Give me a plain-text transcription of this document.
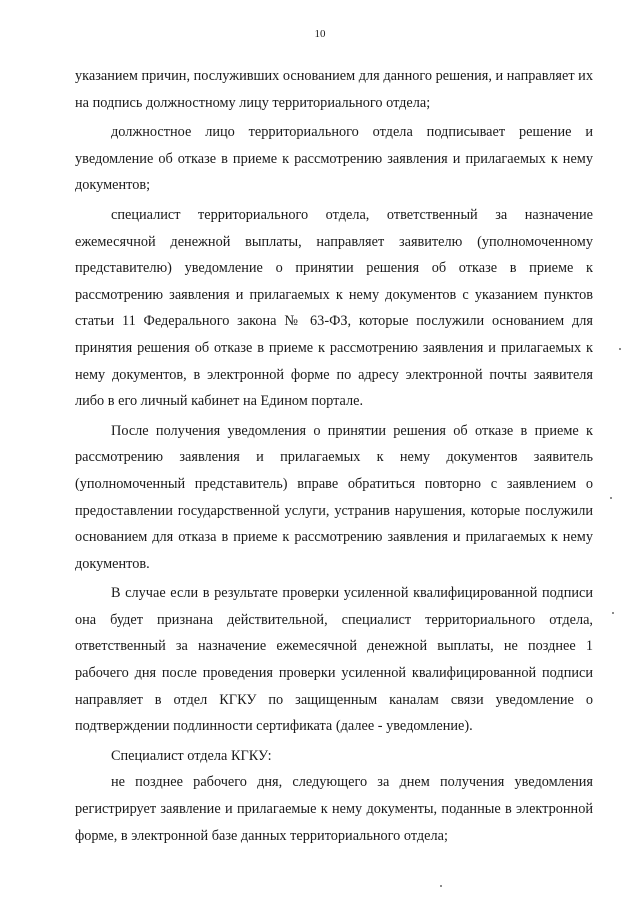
10

указанием причин, послуживших основанием для данного решения, и направляет их на подпись должностному лицу территориального отдела;

должностное лицо территориального отдела подписывает решение и уведомление об отказе в приеме к рассмотрению заявления и прилагаемых к нему документов;

специалист территориального отдела, ответственный за назначение ежемесячной денежной выплаты, направляет заявителю (уполномоченному представителю) уведомление о принятии решения об отказе в приеме к рассмотрению заявления и прилагаемых к нему документов с указанием пунктов статьи 11 Федерального закона № 63-ФЗ, которые послужили основанием для принятия решения об отказе в приеме к рассмотрению заявления и прилагаемых к нему документов, в электронной форме по адресу электронной почты заявителя либо в его личный кабинет на Едином портале.

После получения уведомления о принятии решения об отказе в приеме к рассмотрению заявления и прилагаемых к нему документов заявитель (уполномоченный представитель) вправе обратиться повторно с заявлением о предоставлении государственной услуги, устранив нарушения, которые послужили основанием для отказа в приеме к рассмотрению заявления и прилагаемых к нему документов.

В случае если в результате проверки усиленной квалифицированной подписи она будет признана действительной, специалист территориального отдела, ответственный за назначение ежемесячной денежной выплаты, не позднее 1 рабочего дня после проведения проверки усиленной квалифицированной подписи направляет в отдел КГКУ по защищенным каналам связи уведомление о подтверждении подлинности сертификата (далее - уведомление).

Специалист отдела КГКУ:

не позднее рабочего дня, следующего за днем получения уведомления регистрирует заявление и прилагаемые к нему документы, поданные в электронной форме, в электронной базе данных территориального отдела;
